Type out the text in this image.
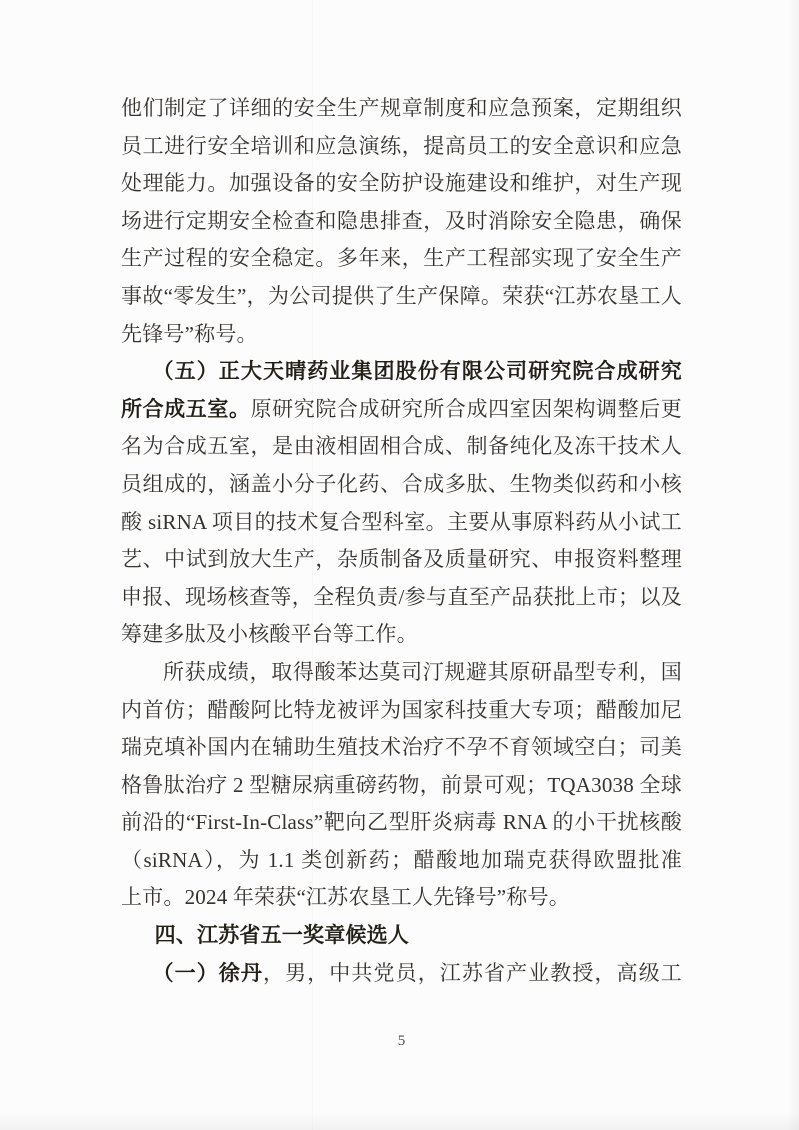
他们制定了详细的安全生产规章制度和应急预案，定期组织
员工进行安全培训和应急演练，提高员工的安全意识和应急
处理能力。加强设备的安全防护设施建设和维护，对生产现
场进行定期安全检查和隐患排查，及时消除安全隐患，确保
生产过程的安全稳定。多年来，生产工程部实现了安全生产
事故“零发生”，为公司提供了生产保障。荣获“江苏农垦工人
先锋号”称号。
（五）正大天晴药业集团股份有限公司研究院合成研究
所合成五室。原研究院合成研究所合成四室因架构调整后更
名为合成五室，是由液相固相合成、制备纯化及冻干技术人
员组成的，涵盖小分子化药、合成多肽、生物类似药和小核
酸 siRNA 项目的技术复合型科室。主要从事原料药从小试工
艺、中试到放大生产，杂质制备及质量研究、申报资料整理
申报、现场核查等，全程负责/参与直至产品获批上市；以及
筹建多肽及小核酸平台等工作。
所获成绩，取得酸苯达莫司汀规避其原研晶型专利，国
内首仿；醋酸阿比特龙被评为国家科技重大专项；醋酸加尼
瑞克填补国内在辅助生殖技术治疗不孕不育领域空白；司美
格鲁肽治疗 2 型糖尿病重磅药物，前景可观；TQA3038 全球
前沿的“First-In-Class”靶向乙型肝炎病毒 RNA 的小干扰核酸
（siRNA），为 1.1 类创新药；醋酸地加瑞克获得欧盟批准
上市。2024 年荣获“江苏农垦工人先锋号”称号。
四、江苏省五一奖章候选人
（一）徐丹，男，中共党员，江苏省产业教授，高级工
5
